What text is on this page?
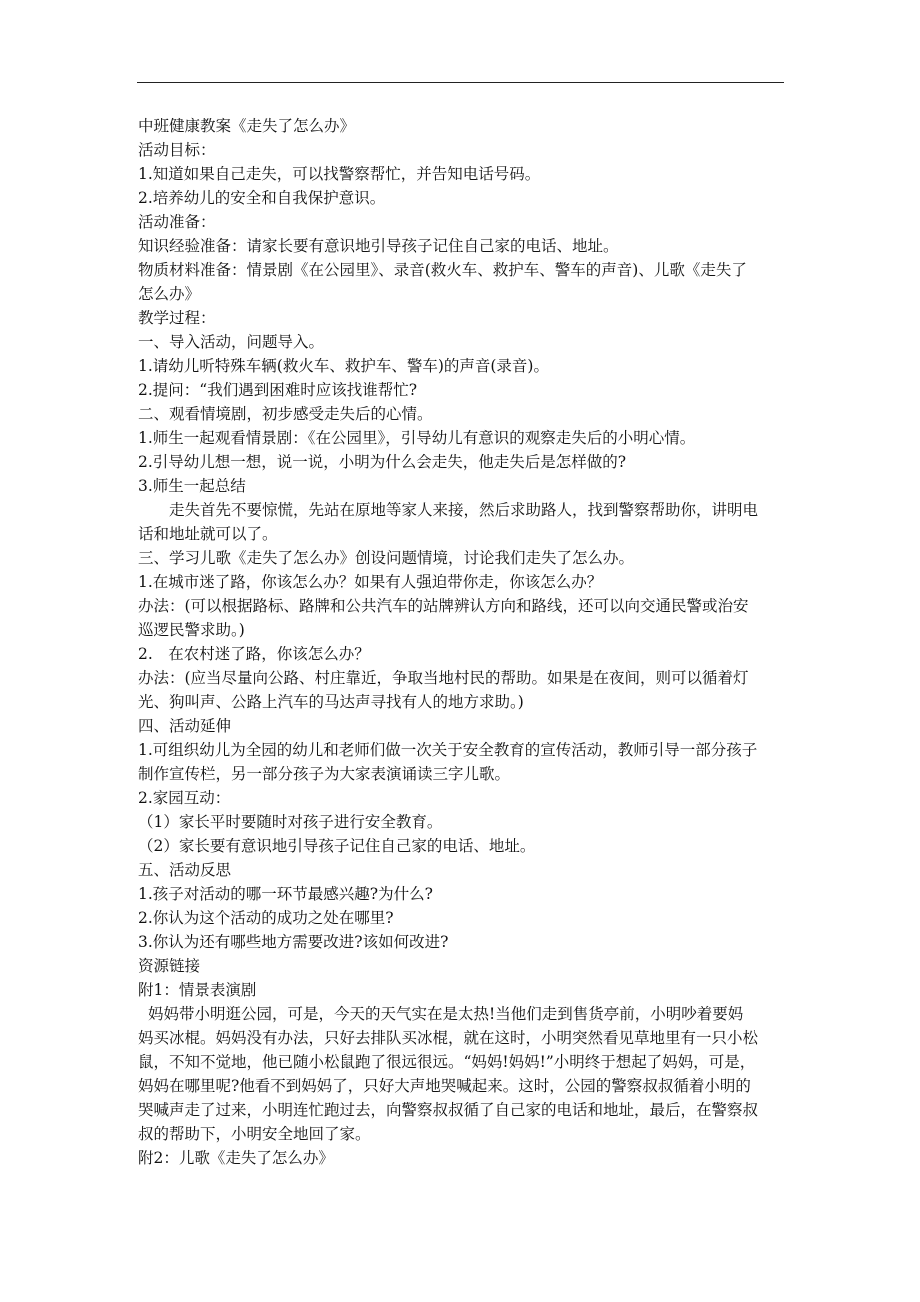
中班健康教案《走失了怎么办》
活动目标：
1.知道如果自己走失，可以找警察帮忙，并告知电话号码。
2.培养幼儿的安全和自我保护意识。
活动准备：
知识经验准备：请家长要有意识地引导孩子记住自己家的电话、地址。
物质材料准备：情景剧《在公园里》、录音(救火车、救护车、警车的声音)、儿歌《走失了
怎么办》
教学过程：
一、导入活动，问题导入。
1.请幼儿听特殊车辆(救火车、救护车、警车)的声音(录音)。
2.提问：“我们遇到困难时应该找谁帮忙?
二、观看情境剧，初步感受走失后的心情。
1.师生一起观看情景剧：《在公园里》，引导幼儿有意识的观察走失后的小明心情。
2.引导幼儿想一想，说一说，小明为什么会走失，他走失后是怎样做的?
3.师生一起总结
走失首先不要惊慌，先站在原地等家人来接，然后求助路人，找到警察帮助你，讲明电
话和地址就可以了。
三、学习儿歌《走失了怎么办》创设问题情境，讨论我们走失了怎么办。
1.在城市迷了路，你该怎么办？如果有人强迫带你走，你该怎么办？
办法：(可以根据路标、路牌和公共汽车的站牌辨认方向和路线，还可以向交通民警或治安
巡逻民警求助。)
2.　在农村迷了路，你该怎么办？
办法：(应当尽量向公路、村庄靠近，争取当地村民的帮助。如果是在夜间，则可以循着灯
光、狗叫声、公路上汽车的马达声寻找有人的地方求助。)
四、活动延伸
1.可组织幼儿为全园的幼儿和老师们做一次关于安全教育的宣传活动，教师引导一部分孩子
制作宣传栏，另一部分孩子为大家表演诵读三字儿歌。
2.家园互动：
（1）家长平时要随时对孩子进行安全教育。
（2）家长要有意识地引导孩子记住自己家的电话、地址。
五、活动反思
1.孩子对活动的哪一环节最感兴趣?为什么?
2.你认为这个活动的成功之处在哪里?
3.你认为还有哪些地方需要改进?该如何改进?
资源链接
附1：情景表演剧
妈妈带小明逛公园，可是，今天的天气实在是太热!当他们走到售货亭前，小明吵着要妈
妈买冰棍。妈妈没有办法，只好去排队买冰棍，就在这时，小明突然看见草地里有一只小松
鼠，不知不觉地，他已随小松鼠跑了很远很远。“妈妈!妈妈!”小明终于想起了妈妈，可是，
妈妈在哪里呢?他看不到妈妈了，只好大声地哭喊起来。这时，公园的警察叔叔循着小明的
哭喊声走了过来，小明连忙跑过去，向警察叔叔循了自己家的电话和地址，最后，在警察叔
叔的帮助下，小明安全地回了家。
附2：儿歌《走失了怎么办》
